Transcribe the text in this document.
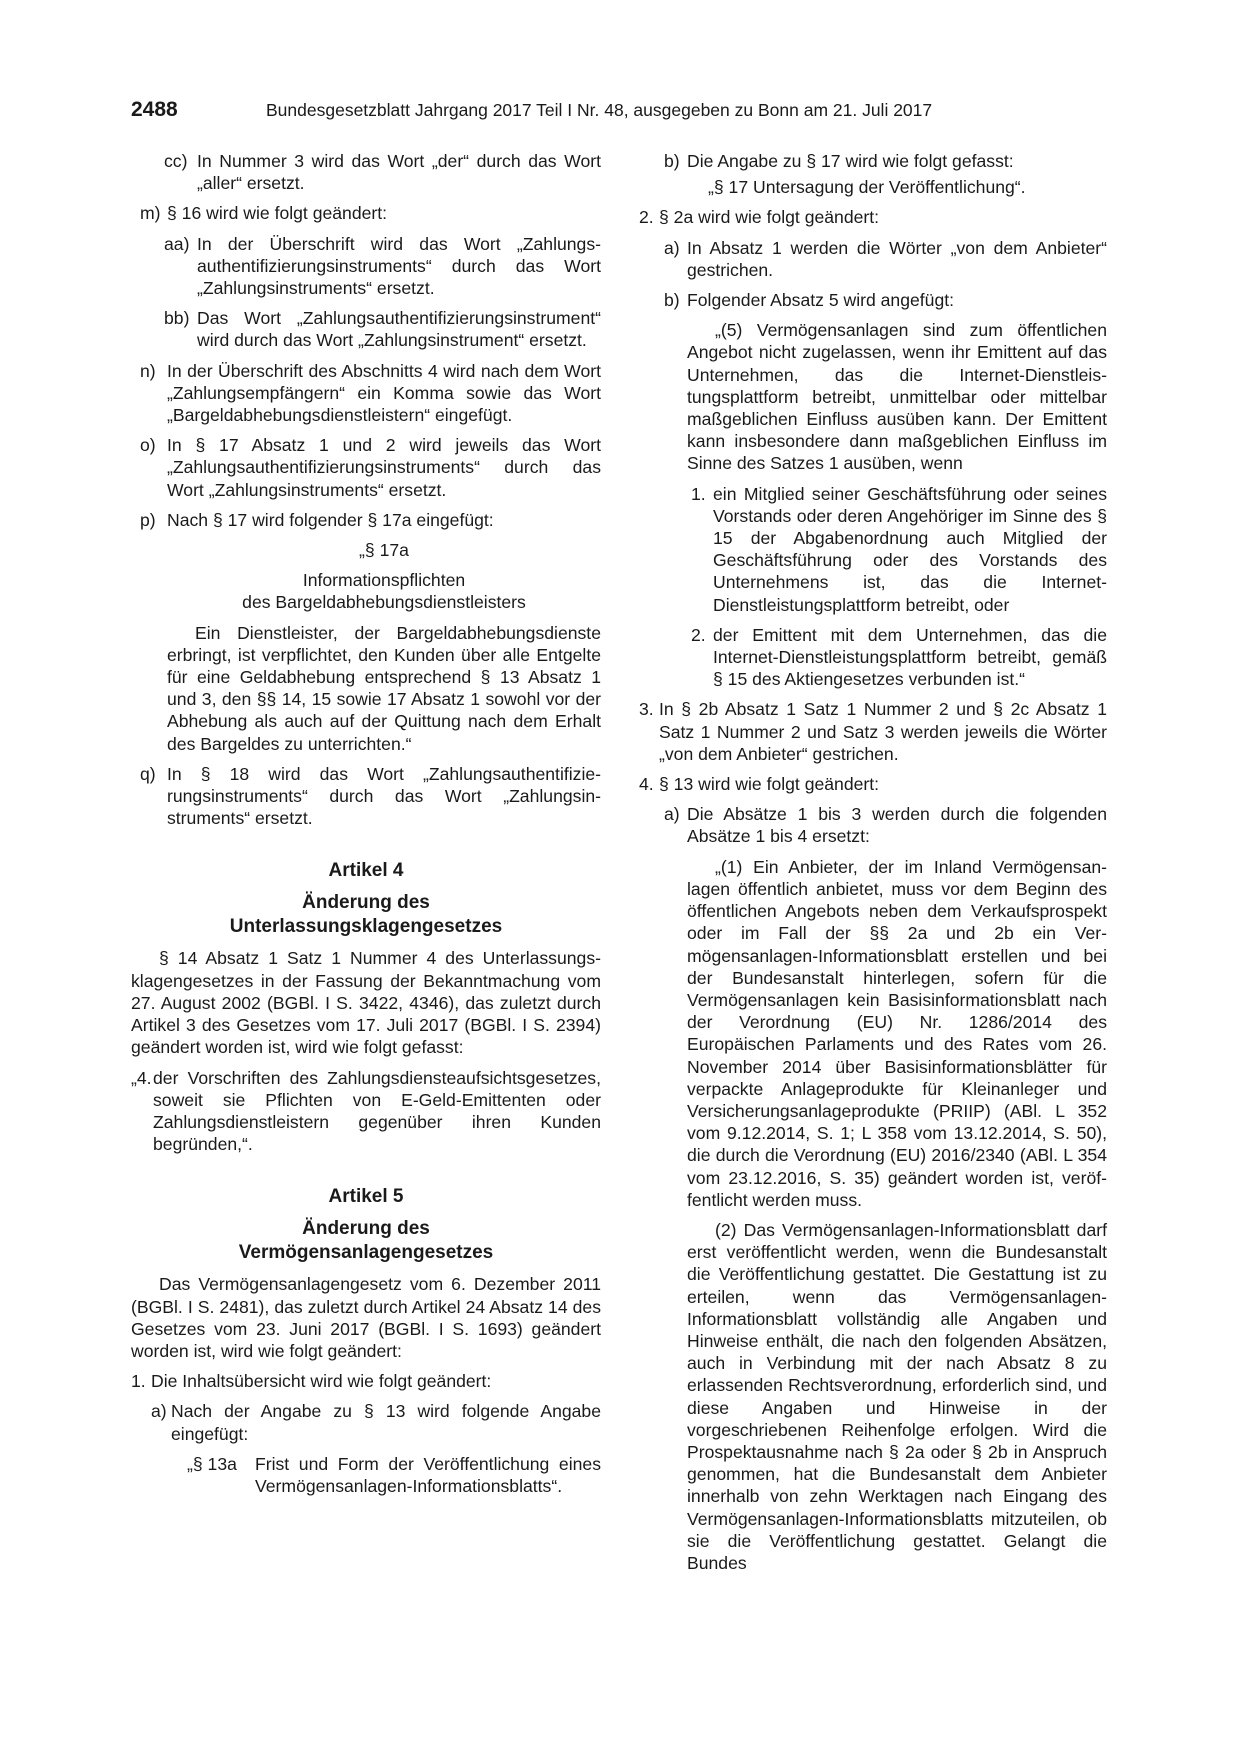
2488	Bundesgesetzblatt Jahrgang 2017 Teil I Nr. 48, ausgegeben zu Bonn am 21. Juli 2017
cc) In Nummer 3 wird das Wort „der“ durch das Wort „aller“ ersetzt.
m) § 16 wird wie folgt geändert:
aa) In der Überschrift wird das Wort „Zahlungsauthentifizierungsinstruments“ durch das Wort „Zahlungsinstruments“ ersetzt.
bb) Das Wort „Zahlungsauthentifizierungsinstrument“ wird durch das Wort „Zahlungsinstrument“ ersetzt.
n) In der Überschrift des Abschnitts 4 wird nach dem Wort „Zahlungsempfängern“ ein Komma sowie das Wort „Bargeldabhebungsdienstleistern“ eingefügt.
o) In § 17 Absatz 1 und 2 wird jeweils das Wort „Zahlungsauthentifizierungsinstruments“ durch das Wort „Zahlungsinstruments“ ersetzt.
p) Nach § 17 wird folgender § 17a eingefügt:
„§ 17a
Informationspflichten
des Bargeldabhebungsdienstleisters
Ein Dienstleister, der Bargeldabhebungsdienste erbringt, ist verpflichtet, den Kunden über alle Entgelte für eine Geldabhebung entsprechend § 13 Absatz 1 und 3, den §§ 14, 15 sowie 17 Absatz 1 sowohl vor der Abhebung als auch auf der Quittung nach dem Erhalt des Bargeldes zu unterrichten.“
q) In § 18 wird das Wort „Zahlungsauthentifizierungsinstruments“ durch das Wort „Zahlungsinstruments“ ersetzt.
Artikel 4
Änderung des
Unterlassungsklagengesetzes
§ 14 Absatz 1 Satz 1 Nummer 4 des Unterlassungsklagengesetzes in der Fassung der Bekanntmachung vom 27. August 2002 (BGBl. I S. 3422, 4346), das zuletzt durch Artikel 3 des Gesetzes vom 17. Juli 2017 (BGBl. I S. 2394) geändert worden ist, wird wie folgt gefasst:
„4. der Vorschriften des Zahlungsdiensteaufsichtsgesetzes, soweit sie Pflichten von E-Geld-Emittenten oder Zahlungsdienstleistern gegenüber ihren Kunden begründen,“.
Artikel 5
Änderung des
Vermögensanlagengesetzes
Das Vermögensanlagengesetz vom 6. Dezember 2011 (BGBl. I S. 2481), das zuletzt durch Artikel 24 Absatz 14 des Gesetzes vom 23. Juni 2017 (BGBl. I S. 1693) geändert worden ist, wird wie folgt geändert:
1. Die Inhaltsübersicht wird wie folgt geändert:
a) Nach der Angabe zu § 13 wird folgende Angabe eingefügt:
„§ 13a Frist und Form der Veröffentlichung eines Vermögensanlagen-Informationsblatts“.
b) Die Angabe zu § 17 wird wie folgt gefasst:
„§ 17 Untersagung der Veröffentlichung“.
2. § 2a wird wie folgt geändert:
a) In Absatz 1 werden die Wörter „von dem Anbieter“ gestrichen.
b) Folgender Absatz 5 wird angefügt:
„(5) Vermögensanlagen sind zum öffentlichen Angebot nicht zugelassen, wenn ihr Emittent auf das Unternehmen, das die Internet-Dienstleistungsplattform betreibt, unmittelbar oder mittelbar maßgeblichen Einfluss ausüben kann. Der Emittent kann insbesondere dann maßgeblichen Einfluss im Sinne des Satzes 1 ausüben, wenn
1. ein Mitglied seiner Geschäftsführung oder seines Vorstands oder deren Angehöriger im Sinne des § 15 der Abgabenordnung auch Mitglied der Geschäftsführung oder des Vorstands des Unternehmens ist, das die Internet-Dienstleistungsplattform betreibt, oder
2. der Emittent mit dem Unternehmen, das die Internet-Dienstleistungsplattform betreibt, gemäß § 15 des Aktiengesetzes verbunden ist.“
3. In § 2b Absatz 1 Satz 1 Nummer 2 und § 2c Absatz 1 Satz 1 Nummer 2 und Satz 3 werden jeweils die Wörter „von dem Anbieter“ gestrichen.
4. § 13 wird wie folgt geändert:
a) Die Absätze 1 bis 3 werden durch die folgenden Absätze 1 bis 4 ersetzt:
„(1) Ein Anbieter, der im Inland Vermögensanlagen öffentlich anbietet, muss vor dem Beginn des öffentlichen Angebots neben dem Verkaufsprospekt oder im Fall der §§ 2a und 2b ein Vermögensanlagen-Informationsblatt erstellen und bei der Bundesanstalt hinterlegen, sofern für die Vermögensanlagen kein Basisinformationsblatt nach der Verordnung (EU) Nr. 1286/2014 des Europäischen Parlaments und des Rates vom 26. November 2014 über Basisinformationsblätter für verpackte Anlageprodukte für Kleinanleger und Versicherungsanlageprodukte (PRIIP) (ABl. L 352 vom 9.12.2014, S. 1; L 358 vom 13.12.2014, S. 50), die durch die Verordnung (EU) 2016/2340 (ABl. L 354 vom 23.12.2016, S. 35) geändert worden ist, veröffentlicht werden muss.
(2) Das Vermögensanlagen-Informationsblatt darf erst veröffentlicht werden, wenn die Bundesanstalt die Veröffentlichung gestattet. Die Gestattung ist zu erteilen, wenn das Vermögensanlagen-Informationsblatt vollständig alle Angaben und Hinweise enthält, die nach den folgenden Absätzen, auch in Verbindung mit der nach Absatz 8 zu erlassenden Rechtsverordnung, erforderlich sind, und diese Angaben und Hinweise in der vorgeschriebenen Reihenfolge erfolgen. Wird die Prospektausnahme nach § 2a oder § 2b in Anspruch genommen, hat die Bundesanstalt dem Anbieter innerhalb von zehn Werktagen nach Eingang des Vermögensanlagen-Informationsblatts mitzuteilen, ob sie die Veröffentlichung gestattet. Gelangt die Bundes
